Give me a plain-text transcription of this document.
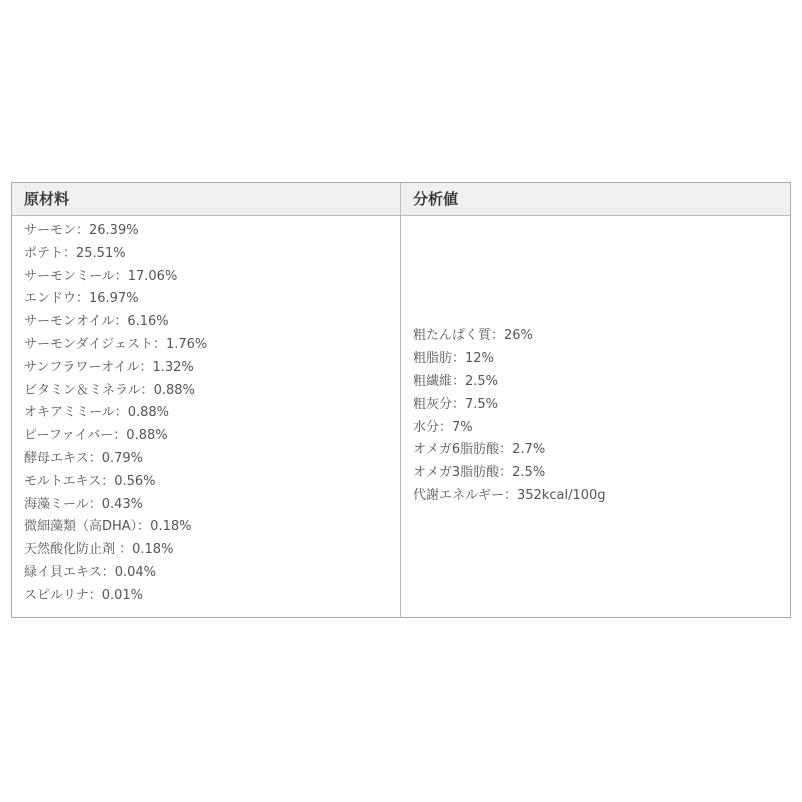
原材料	分析値
サーモン：26.39%
ポテト：25.51%
サーモンミール：17.06%
エンドウ：16.97%
サーモンオイル：6.16%
サーモンダイジェスト：1.76%
サンフラワーオイル：1.32%
ビタミン＆ミネラル：0.88%
オキアミミール：0.88%
ピーファイバー：0.88%
酵母エキス：0.79%
モルトエキス：0.56%
海藻ミール：0.43%
微細藻類（高DHA）：0.18%
天然酸化防止剤 ：0.18%
緑イ貝エキス：0.04%
スピルリナ：0.01%
粗たんぱく質：26%
粗脂肪：12%
粗繊維：2.5%
粗灰分：7.5%
水分：7%
オメガ6脂肪酸：2.7%
オメガ3脂肪酸：2.5%
代謝エネルギー：352kcal/100g
